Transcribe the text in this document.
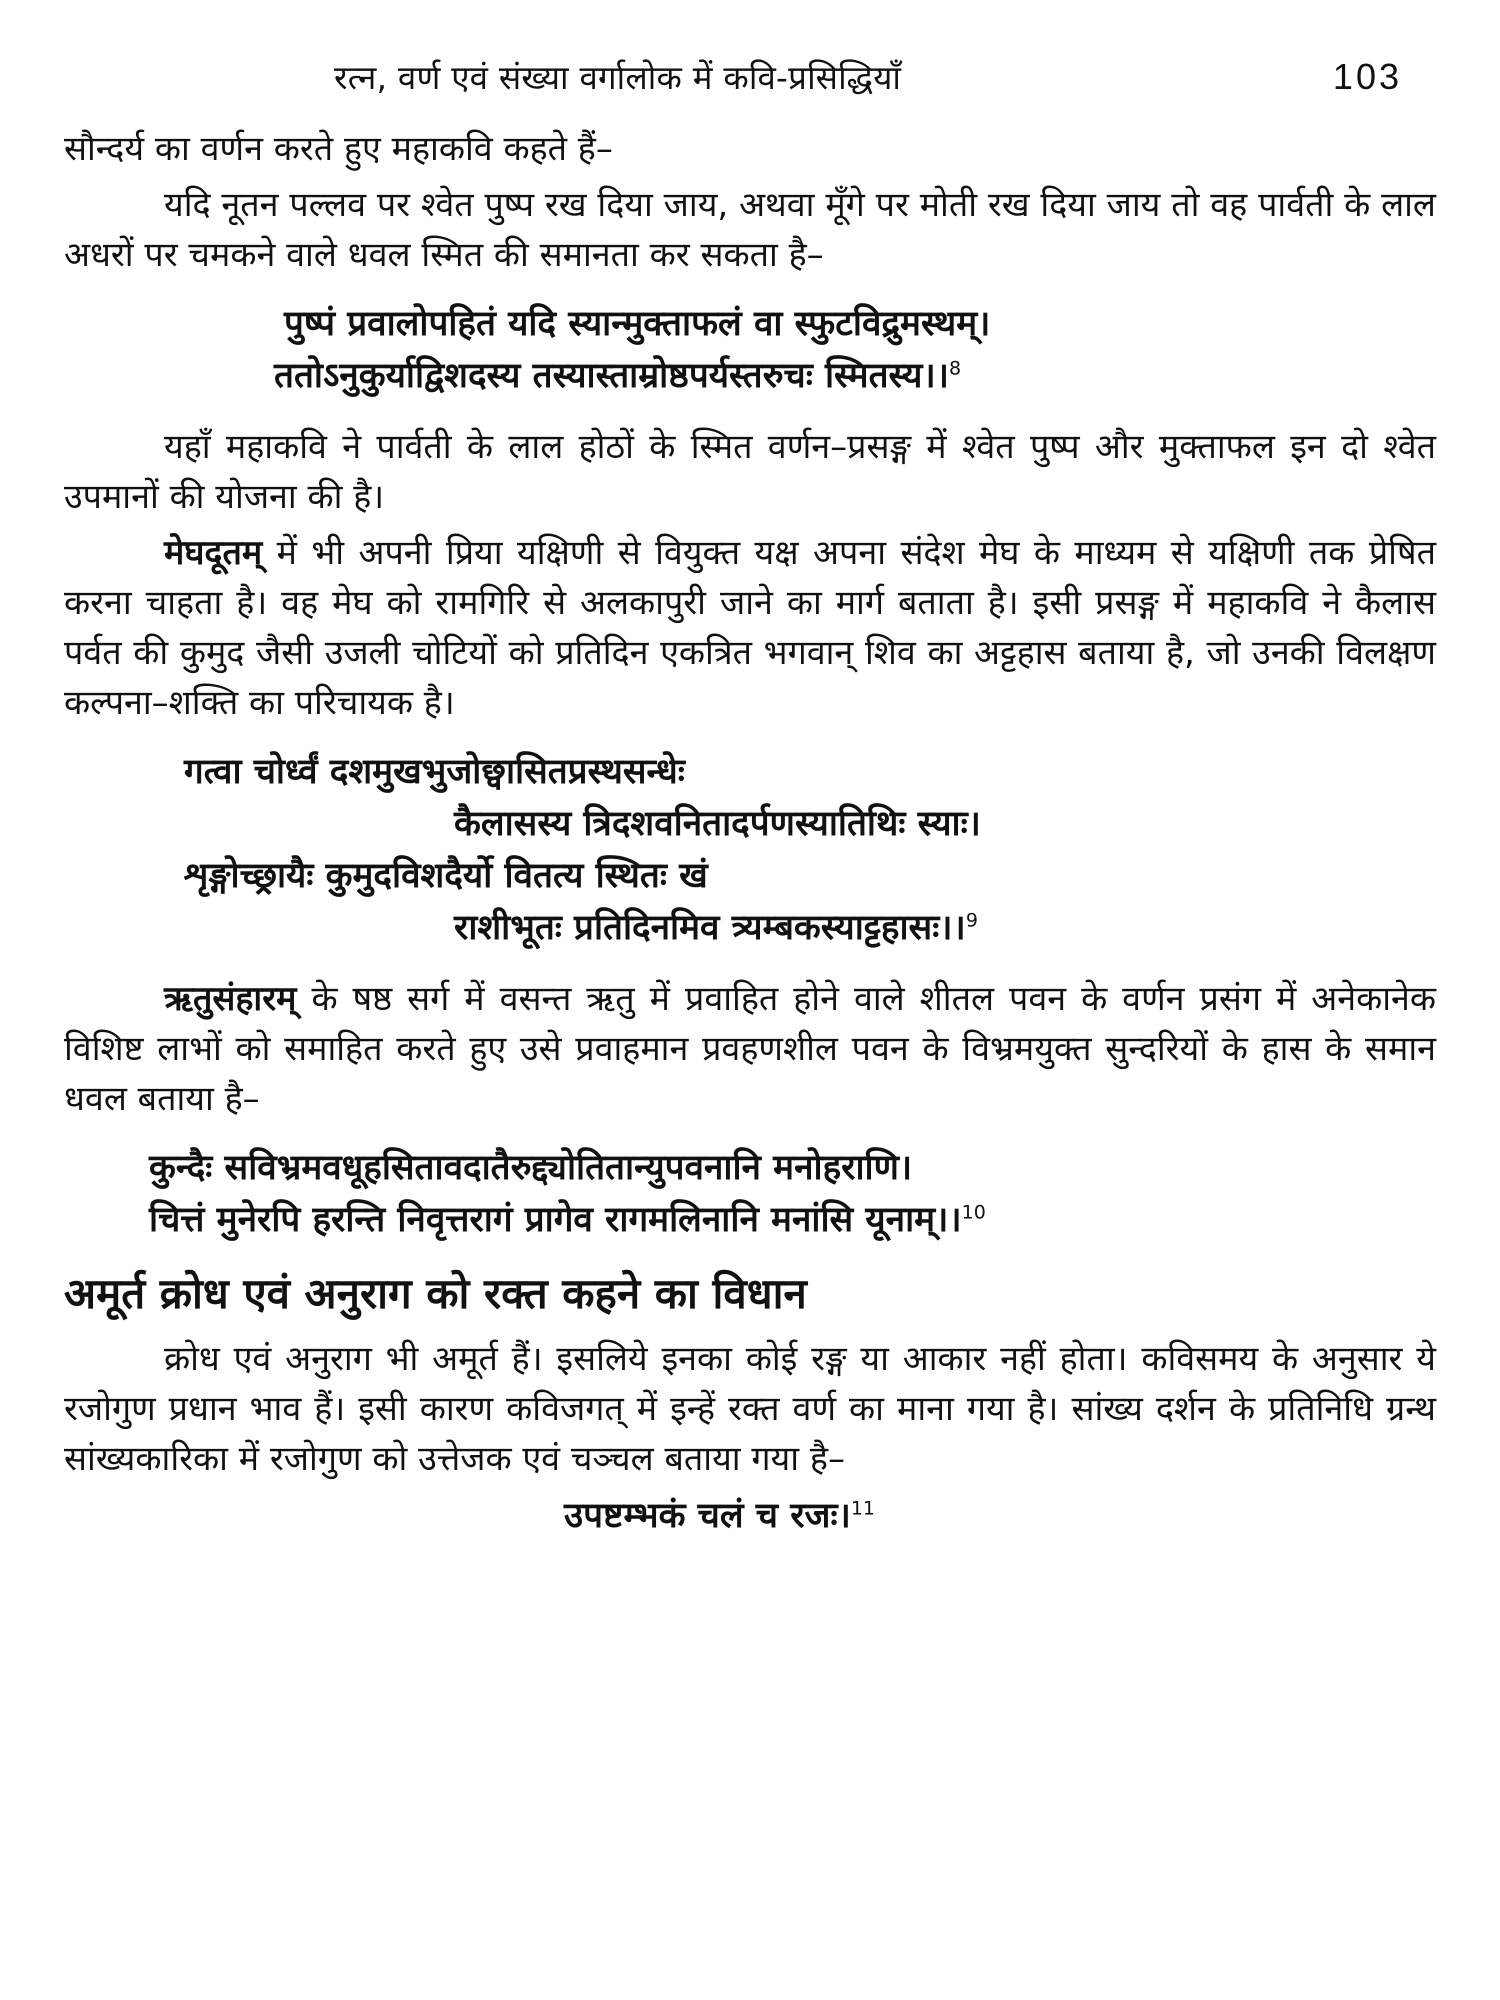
रत्न, वर्ण एवं संख्या वर्गालोक में कवि-प्रसिद्धियाँ	103

सौन्दर्य का वर्णन करते हुए महाकवि कहते हैं–

यदि नूतन पल्लव पर श्वेत पुष्प रख दिया जाय, अथवा मूँगे पर मोती रख दिया जाय तो वह पार्वती के लाल अधरों पर चमकने वाले धवल स्मित की समानता कर सकता है–

पुष्पं प्रवालोपहितं यदि स्यान्मुक्ताफलं वा स्फुटविद्रुमस्थम्।

ततोऽनुकुर्याद्विशदस्य तस्यास्ताम्रोष्ठपर्यस्तरुचः स्मितस्य।।$^8$

यहाँ महाकवि ने पार्वती के लाल होठों के स्मित वर्णन–प्रसङ्ग में श्वेत पुष्प और मुक्ताफल इन दो श्वेत उपमानों की योजना की है।

मेघदूतम् में भी अपनी प्रिया यक्षिणी से वियुक्त यक्ष अपना संदेश मेघ के माध्यम से यक्षिणी तक प्रेषित करना चाहता है। वह मेघ को रामगिरि से अलकापुरी जाने का मार्ग बताता है। इसी प्रसङ्ग में महाकवि ने कैलास पर्वत की कुमुद जैसी उजली चोटियों को प्रतिदिन एकत्रित भगवान् शिव का अट्टहास बताया है, जो उनकी विलक्षण कल्पना–शक्ति का परिचायक है।

गत्वा चोर्ध्वं दशमुखभुजोछ्वासितप्रस्थसन्धेः

कैलासस्य त्रिदशवनितादर्पणस्यातिथिः स्याः।

शृङ्गोच्छ्रायैः कुमुदविशदैर्यो वितत्य स्थितः खं

राशीभूतः प्रतिदिनमिव त्र्यम्बकस्याट्टहासः।।$^9$

ऋतुसंहारम् के षष्ठ सर्ग में वसन्त ऋतु में प्रवाहित होने वाले शीतल पवन के वर्णन प्रसंग में अनेकानेक विशिष्ट लाभों को समाहित करते हुए उसे प्रवाहमान प्रवहणशील पवन के विभ्रमयुक्त सुन्दरियों के हास के समान धवल बताया है–

कुन्दैः सविभ्रमवधूहसितावदातैरुद्द्योतितान्युपवनानि मनोहराणि।

चित्तं मुनेरपि हरन्ति निवृत्तरागं प्रागेव रागमलिनानि मनांसि यूनाम्।।$^{10}$

अमूर्त क्रोध एवं अनुराग को रक्त कहने का विधान

क्रोध एवं अनुराग भी अमूर्त हैं। इसलिये इनका कोई रङ्ग या आकार नहीं होता। कविसमय के अनुसार ये रजोगुण प्रधान भाव हैं। इसी कारण कविजगत् में इन्हें रक्त वर्ण का माना गया है। सांख्य दर्शन के प्रतिनिधि ग्रन्थ सांख्यकारिका में रजोगुण को उत्तेजक एवं चञ्चल बताया गया है–

उपष्टम्भकं चलं च रजः।$^{11}$
